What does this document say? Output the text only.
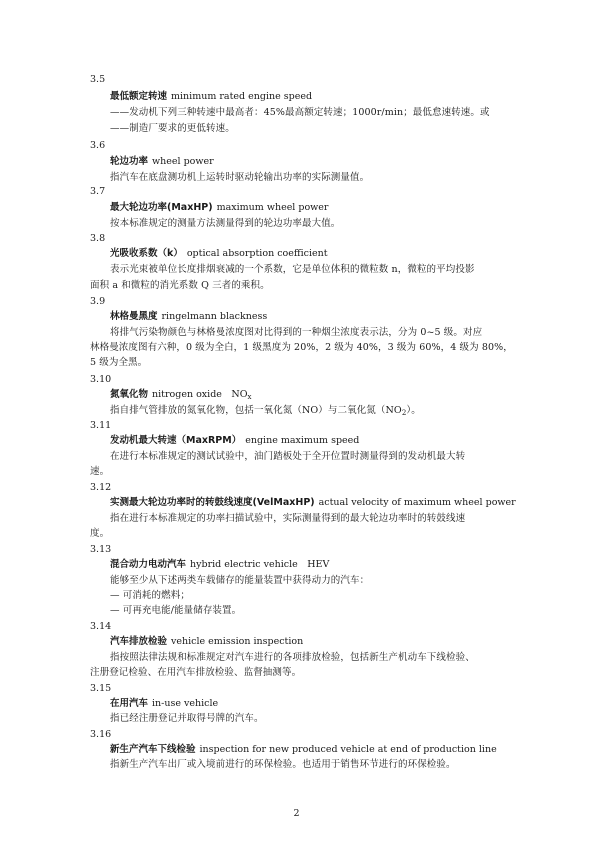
3.5
最低额定转速 minimum rated engine speed
——发动机下列三种转速中最高者：45%最高额定转速；1000r/min；最低怠速转速。或
——制造厂要求的更低转速。
3.6
轮边功率 wheel power
指汽车在底盘测功机上运转时驱动轮输出功率的实际测量值。
3.7
最大轮边功率(MaxHP) maximum wheel power
按本标准规定的测量方法测量得到的轮边功率最大值。
3.8
光吸收系数（k） optical absorption coefficient
表示光束被单位长度排烟衰减的一个系数，它是单位体积的微粒数 n，微粒的平均投影
面积 a 和微粒的消光系数 Q 三者的乘积。
3.9
林格曼黑度 ringelmann blackness
将排气污染物颜色与林格曼浓度图对比得到的一种烟尘浓度表示法，分为 0~5 级。对应
林格曼浓度图有六种，0 级为全白，1 级黑度为 20%，2 级为 40%，3 级为 60%，4 级为 80%，
5 级为全黑。
3.10
氮氧化物 nitrogen oxide　$NO_x$
指自排气管排放的氮氧化物，包括一氧化氮（NO）与二氧化氮$(NO_2)$。
3.11
发动机最大转速（MaxRPM） engine maximum speed
在进行本标准规定的测试试验中，油门踏板处于全开位置时测量得到的发动机最大转
速。
3.12
实测最大轮边功率时的转鼓线速度(VelMaxHP) actual velocity of maximum wheel power
指在进行本标准规定的功率扫描试验中，实际测量得到的最大轮边功率时的转鼓线速
度。
3.13
混合动力电动汽车 hybrid electric vehicle　HEV
能够至少从下述两类车载储存的能量装置中获得动力的汽车：
— 可消耗的燃料；
— 可再充电能/能量储存装置。
3.14
汽车排放检验 vehicle emission inspection
指按照法律法规和标准规定对汽车进行的各项排放检验，包括新生产机动车下线检验、
注册登记检验、在用汽车排放检验、监督抽测等。
3.15
在用汽车 in-use vehicle
指已经注册登记并取得号牌的汽车。
3.16
新生产汽车下线检验 inspection for new produced vehicle at end of production line
指新生产汽车出厂或入境前进行的环保检验。也适用于销售环节进行的环保检验。
2
